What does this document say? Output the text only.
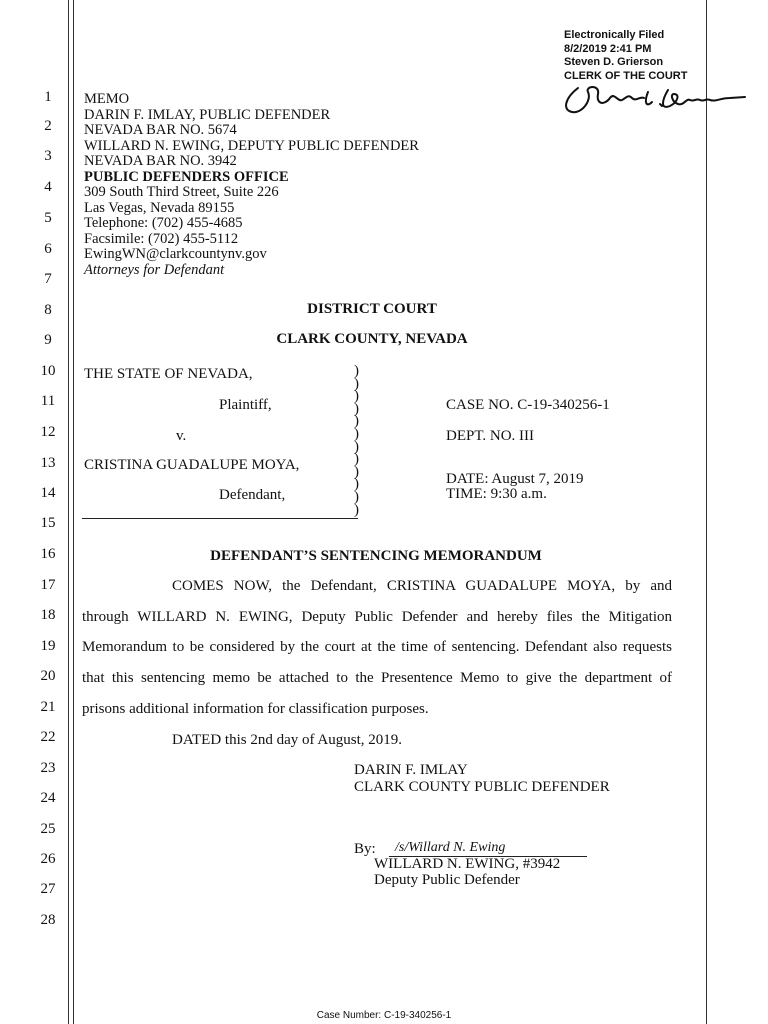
Electronically Filed
8/2/2019 2:41 PM
Steven D. Grierson
CLERK OF THE COURT
1
2
3
4
5
6
7
8
9
10
11
12
13
14
15
16
17
18
19
20
21
22
23
24
25
26
27
28
MEMO
DARIN F. IMLAY, PUBLIC DEFENDER
NEVADA BAR NO. 5674
WILLARD N. EWING, DEPUTY PUBLIC DEFENDER
NEVADA BAR NO. 3942
PUBLIC DEFENDERS OFFICE
309 South Third Street, Suite 226
Las Vegas, Nevada 89155
Telephone: (702) 455-4685
Facsimile: (702) 455-5112
EwingWN@clarkcountynv.gov
Attorneys for Defendant
DISTRICT COURT
CLARK COUNTY, NEVADA
THE STATE OF NEVADA,
Plaintiff,
v.
CRISTINA GUADALUPE MOYA,
Defendant,
)
)
)
)
)
)
)
)
)
)
)
)
CASE NO. C-19-340256-1
DEPT. NO. III
DATE: August 7, 2019
TIME: 9:30 a.m.
DEFENDANT’S SENTENCING MEMORANDUM
COMES NOW, the Defendant, CRISTINA GUADALUPE MOYA, by and
through WILLARD N. EWING, Deputy Public Defender and hereby files the Mitigation
Memorandum to be considered by the court at the time of sentencing. Defendant also requests
that this sentencing memo be attached to the Presentence Memo to give the department of
prisons additional information for classification purposes.
DATED this 2nd day of August, 2019.
DARIN F. IMLAY
CLARK COUNTY PUBLIC DEFENDER
By:	/s/Willard N. Ewing
WILLARD N. EWING, #3942
Deputy Public Defender
Case Number: C-19-340256-1
